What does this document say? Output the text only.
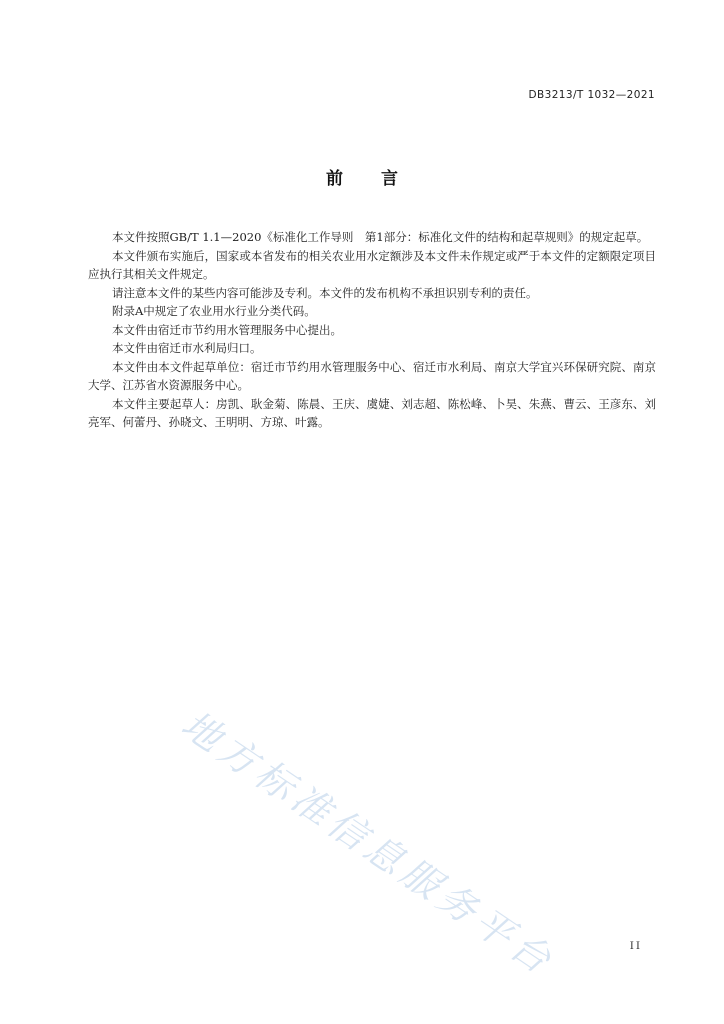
DB3213/T 1032—2021
前言

本文件按照GB/T 1.1—2020《标准化工作导则　第1部分：标准化文件的结构和起草规则》的规定起草。

本文件颁布实施后，国家或本省发布的相关农业用水定额涉及本文件未作规定或严于本文件的定额限定项目应执行其相关文件规定。

请注意本文件的某些内容可能涉及专利。本文件的发布机构不承担识别专利的责任。

附录A中规定了农业用水行业分类代码。

本文件由宿迁市节约用水管理服务中心提出。

本文件由宿迁市水利局归口。

本文件由本文件起草单位：宿迁市节约用水管理服务中心、宿迁市水利局、南京大学宜兴环保研究院、南京大学、江苏省水资源服务中心。

本文件主要起草人：房凯、耿金菊、陈晨、王庆、虞婕、刘志超、陈松峰、卜昊、朱燕、曹云、王彦东、刘亮军、何蕾丹、孙晓文、王明明、方琼、叶露。

地方标准信息服务平台	II
